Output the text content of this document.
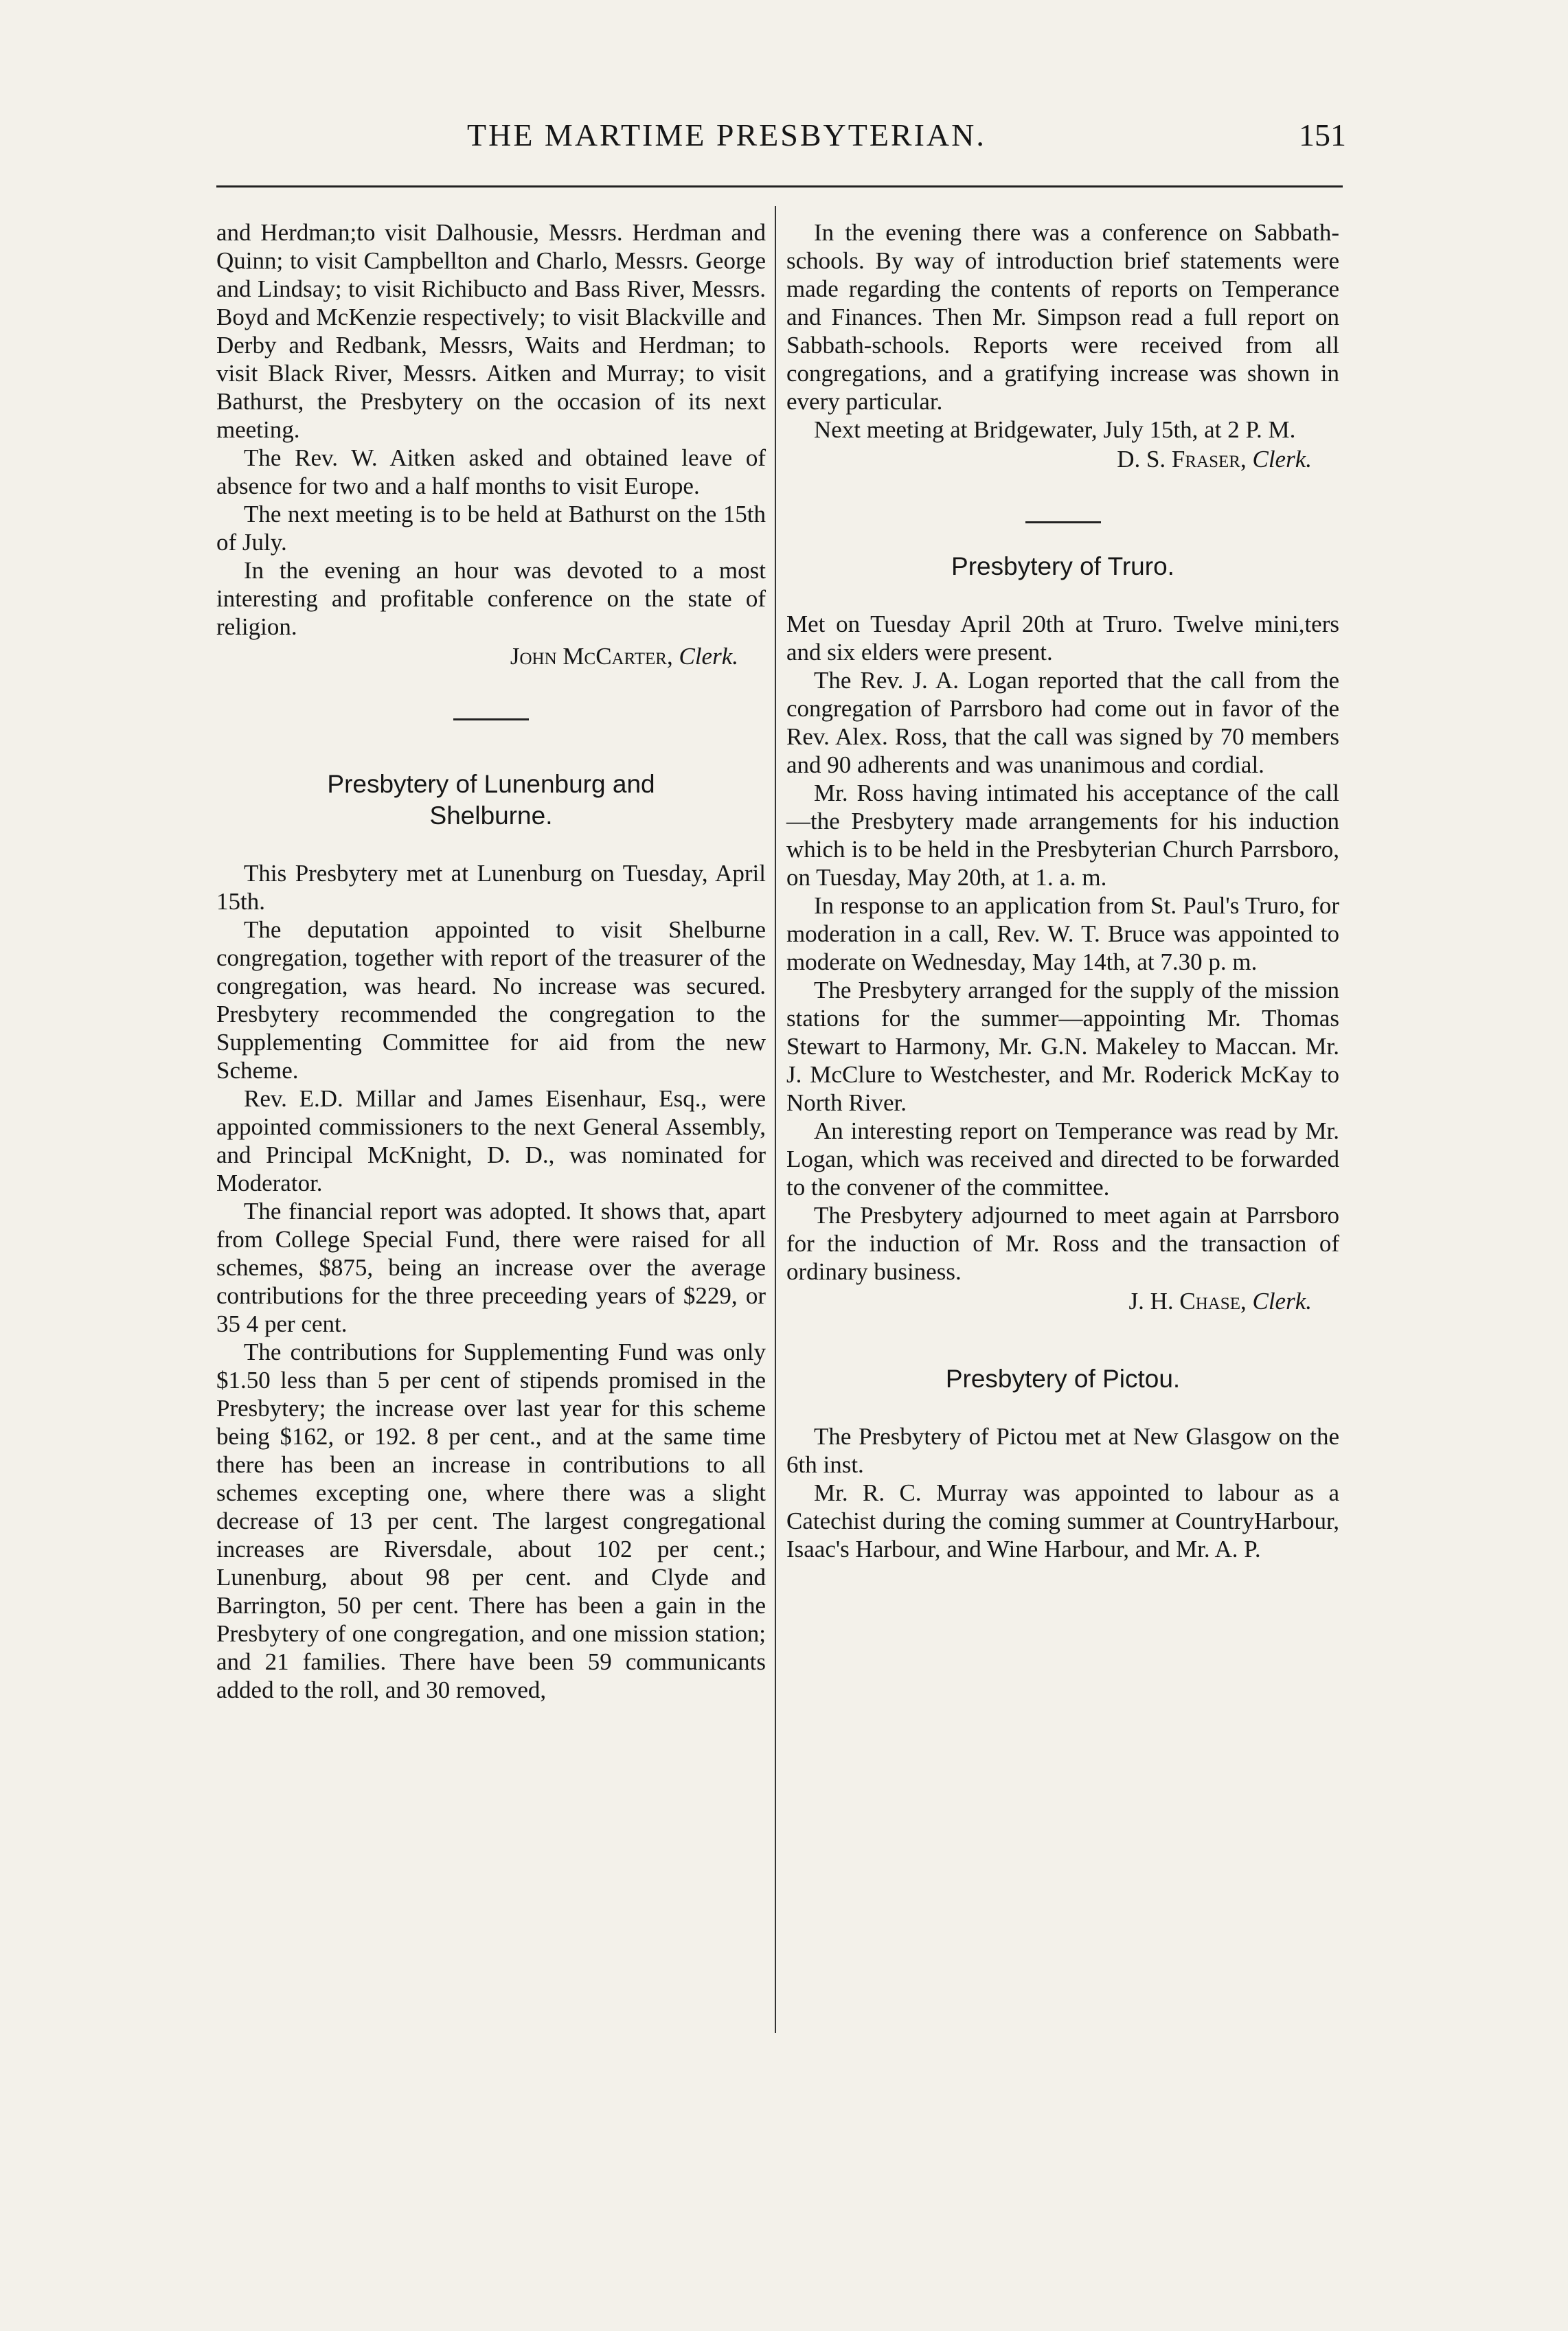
THE MARTIME PRESBYTERIAN.	151

and Herdman;to visit Dalhousie, Messrs. Herdman and Quinn; to visit Campbellton and Charlo, Messrs. George and Lindsay; to visit Richibucto and Bass River, Messrs. Boyd and McKenzie respectively; to visit Blackville and Derby and Redbank, Messrs, Waits and Herdman; to visit Black River, Messrs. Aitken and Murray; to visit Bathurst, the Presbytery on the occasion of its next meeting.

The Rev. W. Aitken asked and obtained leave of absence for two and a half months to visit Europe.

The next meeting is to be held at Bathurst on the 15th of July.

In the evening an hour was devoted to a most interesting and profitable conference on the state of religion.

John McCarter, Clerk.
Presbytery of Lunenburg and
Shelburne.

This Presbytery met at Lunenburg on Tuesday, April 15th.

The deputation appointed to visit Shelburne congregation, together with report of the treasurer of the congregation, was heard. No increase was secured. Presbytery recommended the congregation to the Supplementing Committee for aid from the new Scheme.

Rev. E.D. Millar and James Eisenhaur, Esq., were appointed commissioners to the next General Assembly, and Principal McKnight, D. D., was nominated for Moderator.

The financial report was adopted. It shows that, apart from College Special Fund, there were raised for all schemes, $875, being an increase over the average contributions for the three preceeding years of $229, or 35 4 per cent.

The contributions for Supplementing Fund was only $1.50 less than 5 per cent of stipends promised in the Presbytery; the increase over last year for this scheme being $162, or 192. 8 per cent., and at the same time there has been an increase in contributions to all schemes excepting one, where there was a slight decrease of 13 per cent. The largest congregational increases are Riversdale, about 102 per cent.; Lunenburg, about 98 per cent. and Clyde and Barrington, 50 per cent. There has been a gain in the Presbytery of one congregation, and one mission station; and 21 families. There have been 59 communicants added to the roll, and 30 removed,

In the evening there was a conference on Sabbath-schools. By way of introduction brief statements were made regarding the contents of reports on Temperance and Finances. Then Mr. Simpson read a full report on Sabbath-schools. Reports were received from all congregations, and a gratifying increase was shown in every particular.

Next meeting at Bridgewater, July 15th, at 2 P. M.

D. S. Fraser, Clerk.
Presbytery of Truro.

Met on Tuesday April 20th at Truro. Twelve mini,ters and six elders were present.

The Rev. J. A. Logan reported that the call from the congregation of Parrsboro had come out in favor of the Rev. Alex. Ross, that the call was signed by 70 members and 90 adherents and was unanimous and cordial.

Mr. Ross having intimated his acceptance of the call—the Presbytery made arrangements for his induction which is to be held in the Presbyterian Church Parrsboro, on Tuesday, May 20th, at 1. a. m.

In response to an application from St. Paul's Truro, for moderation in a call, Rev. W. T. Bruce was appointed to moderate on Wednesday, May 14th, at 7.30 p. m.

The Presbytery arranged for the supply of the mission stations for the summer—appointing Mr. Thomas Stewart to Harmony, Mr. G.N. Makeley to Maccan. Mr. J. McClure to Westchester, and Mr. Roderick McKay to North River.

An interesting report on Temperance was read by Mr. Logan, which was received and directed to be forwarded to the convener of the committee.

The Presbytery adjourned to meet again at Parrsboro for the induction of Mr. Ross and the transaction of ordinary business.

J. H. Chase, Clerk.
Presbytery of Pictou.

The Presbytery of Pictou met at New Glasgow on the 6th inst.

Mr. R. C. Murray was appointed to labour as a Catechist during the coming summer at CountryHarbour, Isaac's Harbour, and Wine Harbour, and Mr. A. P.
